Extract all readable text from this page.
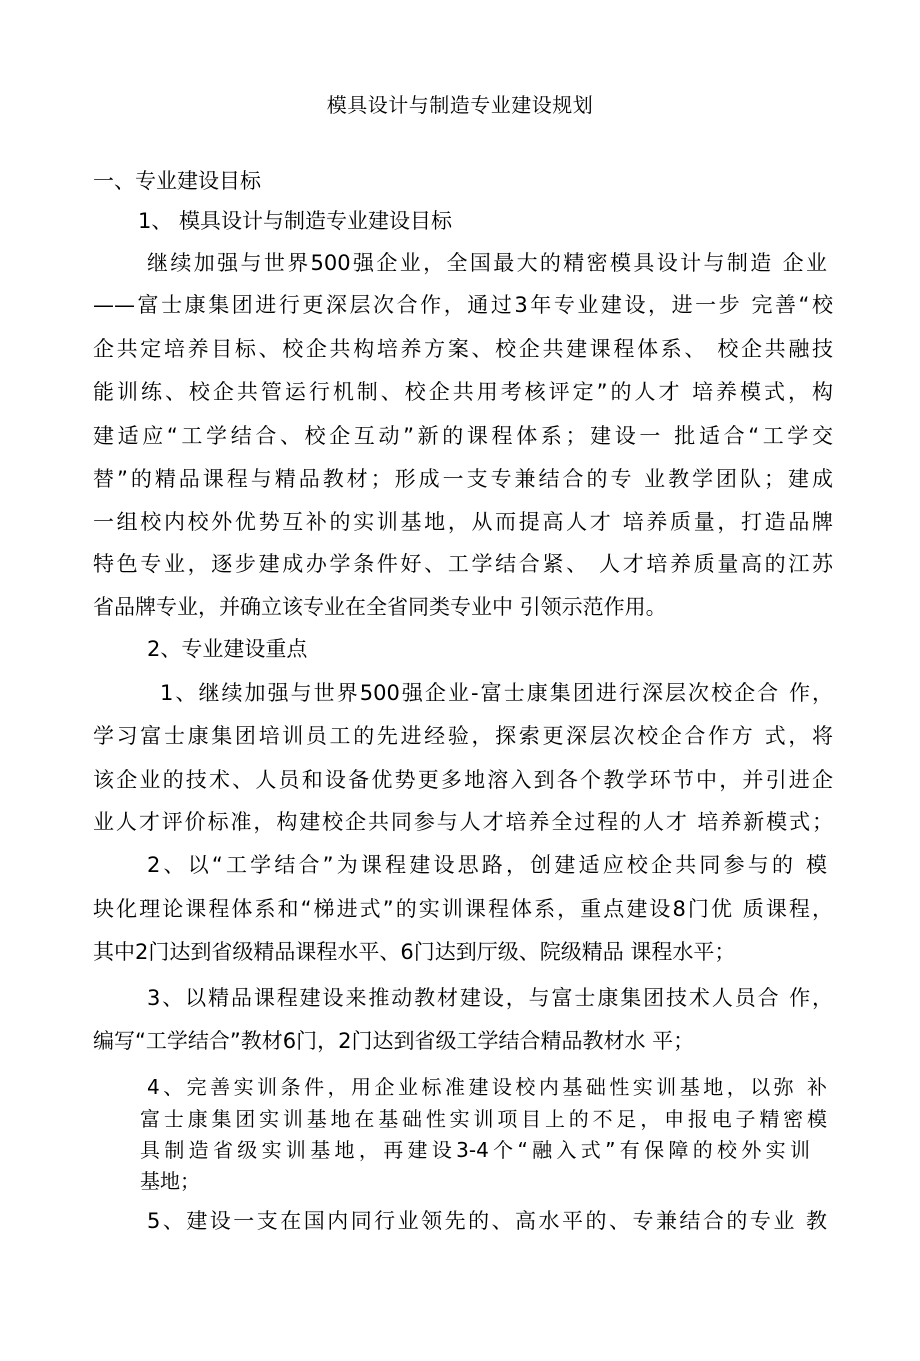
模具设计与制造专业建设规划
一、专业建设目标
1、 模具设计与制造专业建设目标
继续加强与世界500强企业，全国最大的精密模具设计与制造 企业
——富士康集团进行更深层次合作，通过3年专业建设，进一步 完善“校
企共定培养目标、校企共构培养方案、校企共建课程体系、 校企共融技
能训练、校企共管运行机制、校企共用考核评定”的人才 培养模式，构
建适应“工学结合、校企互动”新的课程体系；建设一 批适合“工学交
替”的精品课程与精品教材；形成一支专兼结合的专 业教学团队；建成
一组校内校外优势互补的实训基地，从而提高人才 培养质量，打造品牌
特色专业，逐步建成办学条件好、工学结合紧、 人才培养质量高的江苏
省品牌专业，并确立该专业在全省同类专业中 引领示范作用。
2、专业建设重点
1、继续加强与世界500强企业-富士康集团进行深层次校企合 作，
学习富士康集团培训员工的先进经验，探索更深层次校企合作方 式，将
该企业的技术、人员和设备优势更多地溶入到各个教学环节中，并引进企
业人才评价标准，构建校企共同参与人才培养全过程的人才 培养新模式；
2、以“工学结合”为课程建设思路，创建适应校企共同参与的 模
块化理论课程体系和“梯进式”的实训课程体系，重点建设8门优 质课程，
其中2门达到省级精品课程水平、6门达到厅级、院级精品 课程水平；
3、以精品课程建设来推动教材建设，与富士康集团技术人员合 作，
编写“工学结合”教材6门，2门达到省级工学结合精品教材水 平；
4、完善实训条件，用企业标准建设校内基础性实训基地，以弥 补
富士康集团实训基地在基础性实训项目上的不足，申报电子精密模
具制造省级实训基地，再建设3-4个“融入式”有保障的校外实训
基地；
5、建设一支在国内同行业领先的、高水平的、专兼结合的专业 教
